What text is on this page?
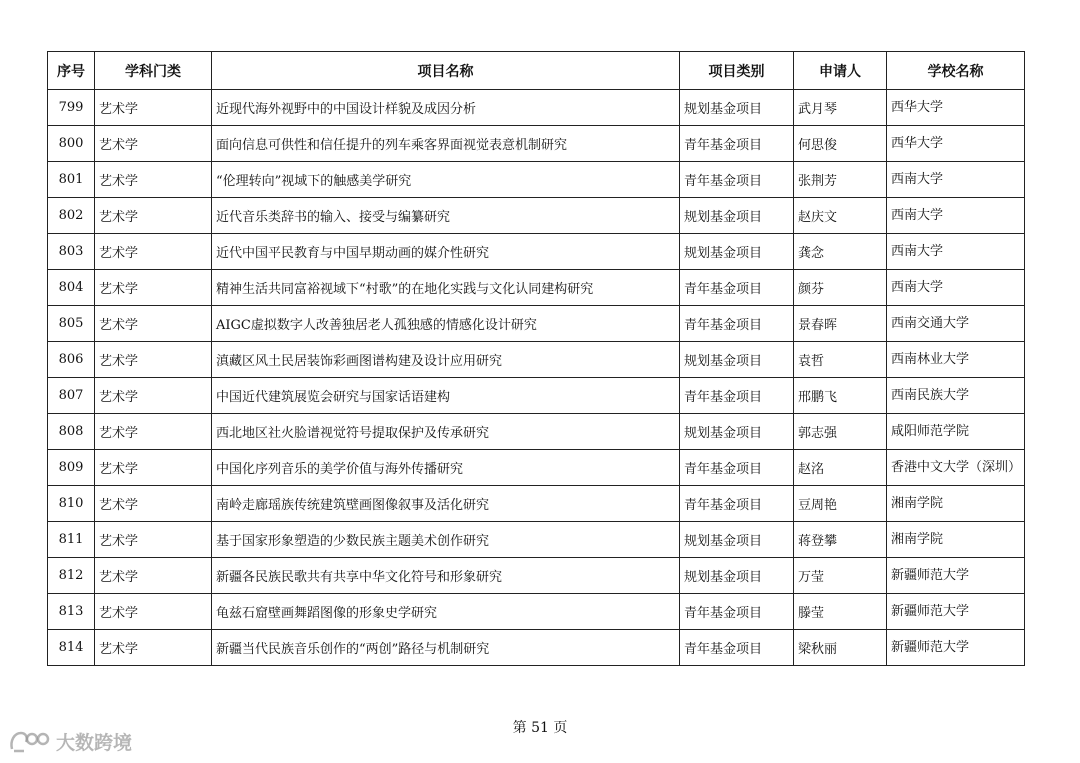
序号	学科门类	项目名称	项目类别	申请人	学校名称
799	艺术学	近现代海外视野中的中国设计样貌及成因分析	规划基金项目	武月琴	西华大学
800	艺术学	面向信息可供性和信任提升的列车乘客界面视觉表意机制研究	青年基金项目	何思俊	西华大学
801	艺术学	“伦理转向”视域下的触感美学研究	青年基金项目	张荆芳	西南大学
802	艺术学	近代音乐类辞书的输入、接受与编纂研究	规划基金项目	赵庆文	西南大学
803	艺术学	近代中国平民教育与中国早期动画的媒介性研究	规划基金项目	龚念	西南大学
804	艺术学	精神生活共同富裕视域下“村歌”的在地化实践与文化认同建构研究	青年基金项目	颜芬	西南大学
805	艺术学	AIGC虚拟数字人改善独居老人孤独感的情感化设计研究	青年基金项目	景春晖	西南交通大学
806	艺术学	滇藏区风土民居装饰彩画图谱构建及设计应用研究	规划基金项目	袁哲	西南林业大学
807	艺术学	中国近代建筑展览会研究与国家话语建构	青年基金项目	邢鹏飞	西南民族大学
808	艺术学	西北地区社火脸谱视觉符号提取保护及传承研究	规划基金项目	郭志强	咸阳师范学院
809	艺术学	中国化序列音乐的美学价值与海外传播研究	青年基金项目	赵洺	香港中文大学（深圳）
810	艺术学	南岭走廊瑶族传统建筑壁画图像叙事及活化研究	青年基金项目	豆周艳	湘南学院
811	艺术学	基于国家形象塑造的少数民族主题美术创作研究	规划基金项目	蒋登攀	湘南学院
812	艺术学	新疆各民族民歌共有共享中华文化符号和形象研究	规划基金项目	万莹	新疆师范大学
813	艺术学	龟兹石窟壁画舞蹈图像的形象史学研究	青年基金项目	滕莹	新疆师范大学
814	艺术学	新疆当代民族音乐创作的“两创”路径与机制研究	青年基金项目	梁秋丽	新疆师范大学
第 51 页
大数跨境
